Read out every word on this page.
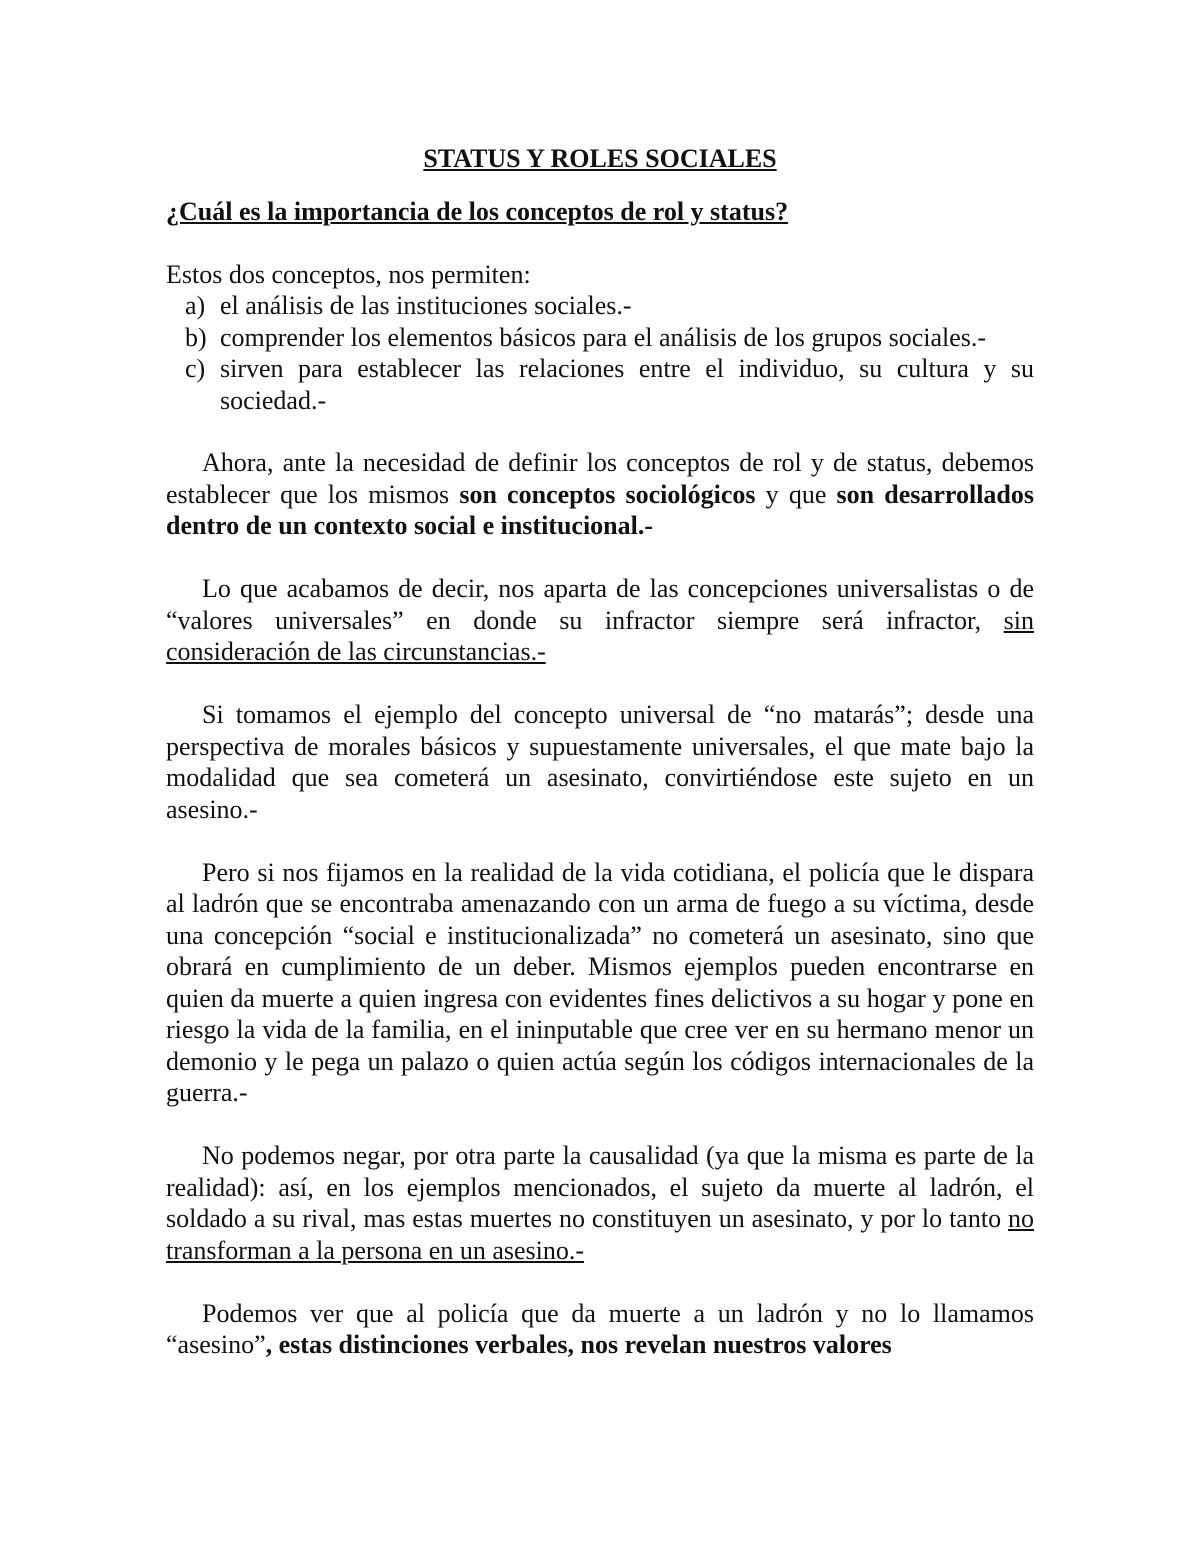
STATUS Y ROLES SOCIALES
¿Cuál es la importancia de los conceptos de rol y status?

Estos dos conceptos, nos permiten:

a) el análisis de las instituciones sociales.-
b) comprender los elementos básicos para el análisis de los grupos sociales.-
c) sirven para establecer las relaciones entre el individuo, su cultura y su sociedad.-

Ahora, ante la necesidad de definir los conceptos de rol y de status, debemos establecer que los mismos son conceptos sociológicos y que son desarrollados dentro de un contexto social e institucional.-

Lo que acabamos de decir, nos aparta de las concepciones universalistas o de “valores universales” en donde su infractor siempre será infractor, sin consideración de las circunstancias.-

Si tomamos el ejemplo del concepto universal de “no matarás”; desde una perspectiva de morales básicos y supuestamente universales, el que mate bajo la modalidad que sea cometerá un asesinato, convirtiéndose este sujeto en un asesino.-

Pero si nos fijamos en la realidad de la vida cotidiana, el policía que le dispara al ladrón que se encontraba amenazando con un arma de fuego a su víctima, desde una concepción “social e institucionalizada” no cometerá un asesinato, sino que obrará en cumplimiento de un deber. Mismos ejemplos pueden encontrarse en quien da muerte a quien ingresa con evidentes fines delictivos a su hogar y pone en riesgo la vida de la familia, en el ininputable que cree ver en su hermano menor un demonio y le pega un palazo o quien actúa según los códigos internacionales de la guerra.-

No podemos negar, por otra parte la causalidad (ya que la misma es parte de la realidad): así, en los ejemplos mencionados, el sujeto da muerte al ladrón, el soldado a su rival, mas estas muertes no constituyen un asesinato, y por lo tanto no transforman a la persona en un asesino.-

Podemos ver que al policía que da muerte a un ladrón y no lo llamamos “asesino”, estas distinciones verbales, nos revelan nuestros valores
